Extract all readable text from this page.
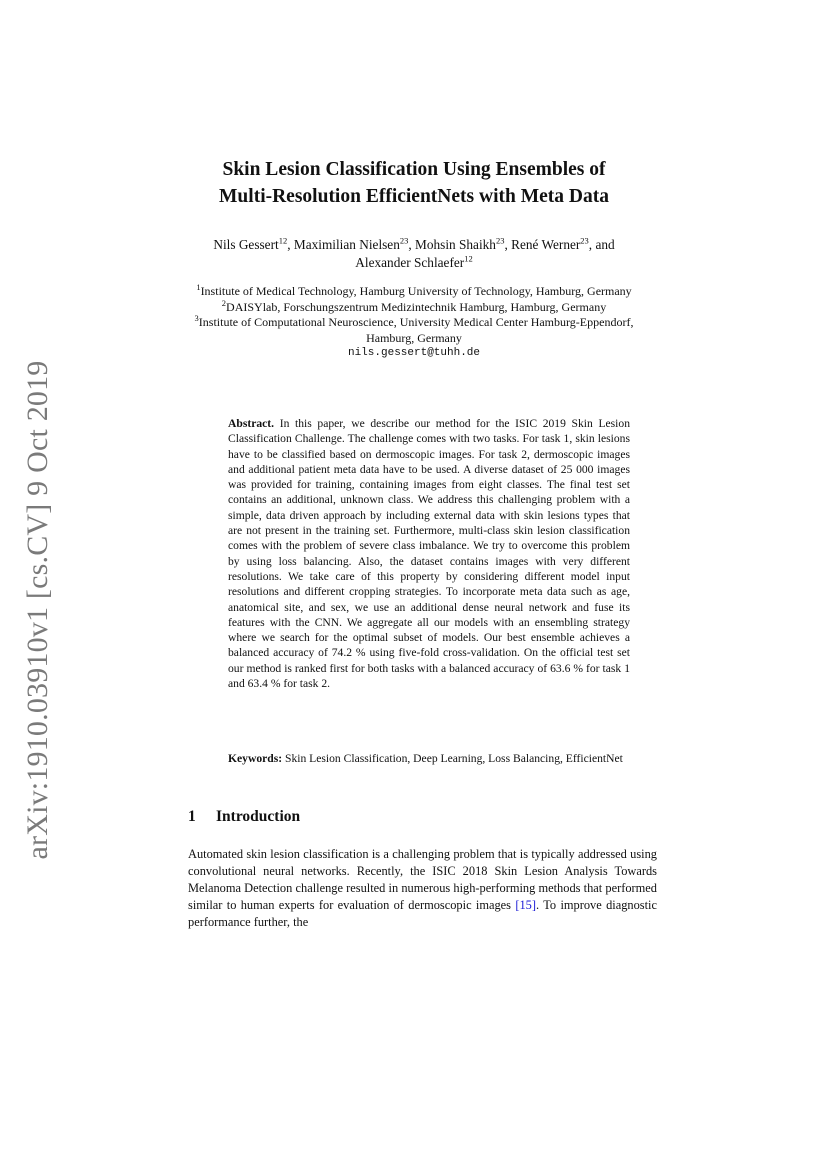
arXiv:1910.03910v1 [cs.CV] 9 Oct 2019
Skin Lesion Classification Using Ensembles of
Multi-Resolution EfficientNets with Meta Data
Nils Gessert$^{12}$, Maximilian Nielsen$^{23}$, Mohsin Shaikh$^{23}$, René Werner$^{23}$, and
Alexander Schlaefer$^{12}$
$^1$Institute of Medical Technology, Hamburg University of Technology, Hamburg, Germany
$^2$DAISYlab, Forschungszentrum Medizintechnik Hamburg, Hamburg, Germany
$^3$Institute of Computational Neuroscience, University Medical Center Hamburg-Eppendorf, Hamburg, Germany
nils.gessert@tuhh.de
Abstract. In this paper, we describe our method for the ISIC 2019 Skin Lesion Classification Challenge. The challenge comes with two tasks. For task 1, skin lesions have to be classified based on dermoscopic images. For task 2, dermoscopic images and additional patient meta data have to be used. A diverse dataset of 25 000 images was provided for training, containing images from eight classes. The final test set contains an additional, unknown class. We address this challenging problem with a simple, data driven approach by including external data with skin lesions types that are not present in the training set. Furthermore, multi-class skin lesion classification comes with the problem of severe class imbalance. We try to overcome this problem by using loss balancing. Also, the dataset contains images with very different resolutions. We take care of this property by considering different model input resolutions and different cropping strategies. To incorporate meta data such as age, anatomical site, and sex, we use an additional dense neural network and fuse its features with the CNN. We aggregate all our models with an ensembling strategy where we search for the optimal subset of models. Our best ensemble achieves a balanced accuracy of 74.2 % using five-fold cross-validation. On the official test set our method is ranked first for both tasks with a balanced accuracy of 63.6 % for task 1 and 63.4 % for task 2.
Keywords: Skin Lesion Classification, Deep Learning, Loss Balancing, EfficientNet
1 Introduction
Automated skin lesion classification is a challenging problem that is typically addressed using convolutional neural networks. Recently, the ISIC 2018 Skin Lesion Analysis Towards Melanoma Detection challenge resulted in numerous high-performing methods that performed similar to human experts for evaluation of dermoscopic images [15]. To improve diagnostic performance further, the
